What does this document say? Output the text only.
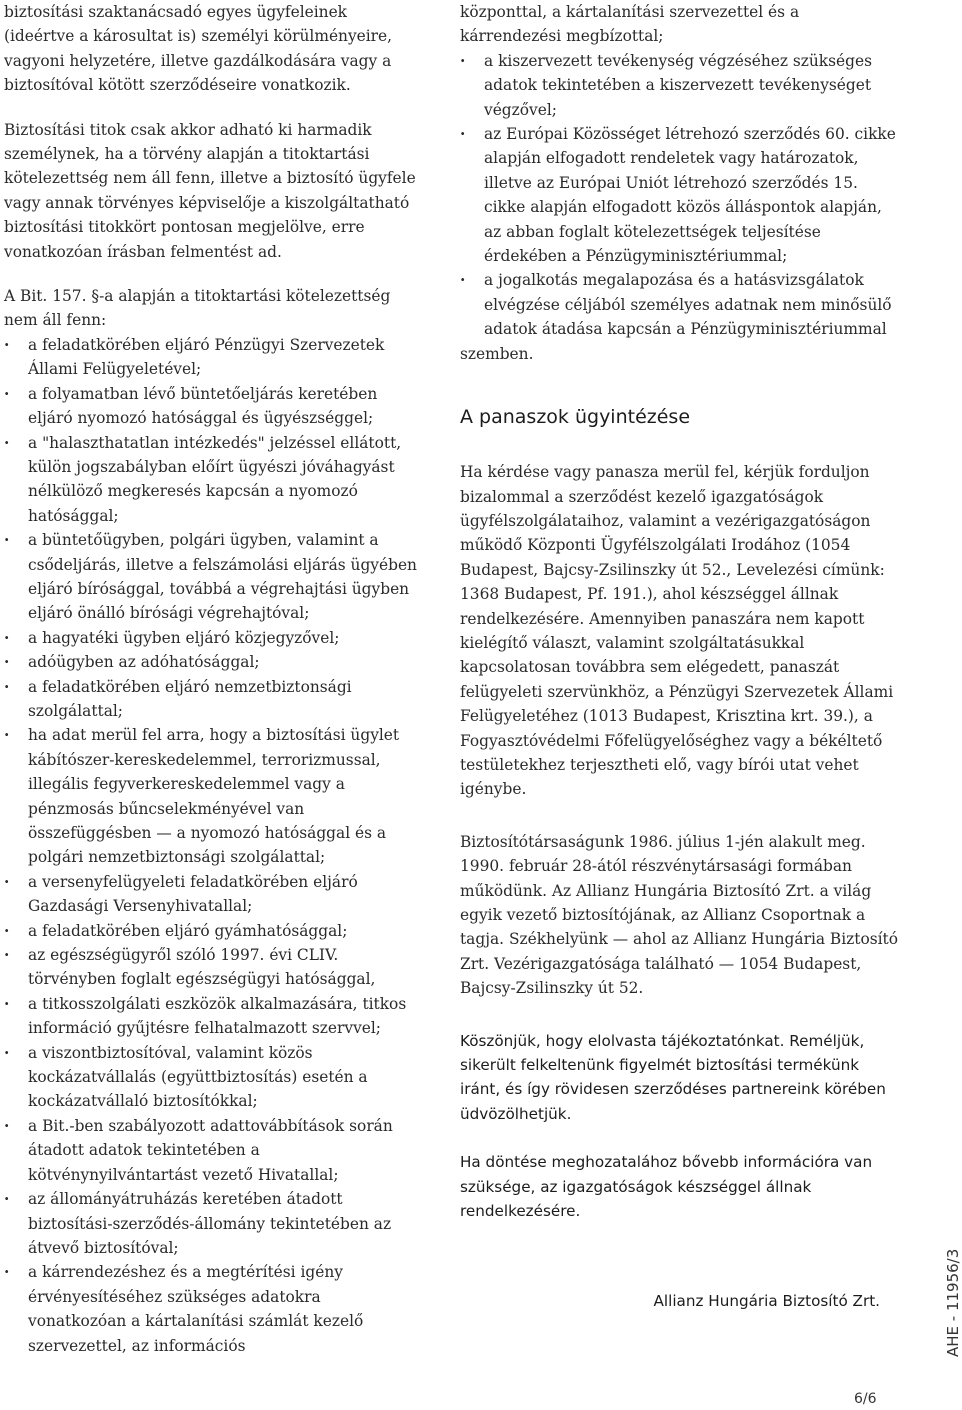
biztosítási szaktanácsadó egyes ügyfeleinek (ideértve a károsultat is) személyi körülményeire, vagyoni helyzetére, illetve gazdálkodására vagy a biztosítóval kötött szerződéseire vonatkozik.

Biztosítási titok csak akkor adható ki harmadik személynek, ha a törvény alapján a titoktartási kötelezettség nem áll fenn, illetve a biztosító ügyfele vagy annak törvényes képviselője a kiszolgáltatható biztosítási titokkört pontosan megjelölve, erre vonatkozóan írásban felmentést ad.

A Bit. 157. §-a alapján a titoktartási kötelezettség nem áll fenn:

·	a feladatkörében eljáró Pénzügyi Szervezetek Állami Felügyeletével;
·	a folyamatban lévő büntetőeljárás keretében eljáró nyomozó hatósággal és ügyészséggel;
·	a "halaszthatatlan intézkedés" jelzéssel ellátott, külön jogszabályban előírt ügyészi jóváhagyást nélkülöző megkeresés kapcsán a nyomozó hatósággal;
·	a büntetőügyben, polgári ügyben, valamint a csődeljárás, illetve a felszámolási eljárás ügyében eljáró bírósággal, továbbá a végrehajtási ügyben eljáró önálló bírósági végrehajtóval;
·	a hagyatéki ügyben eljáró közjegyzővel;
·	adóügyben az adóhatósággal;
·	a feladatkörében eljáró nemzetbiztonsági szolgálattal;
·	ha adat merül fel arra, hogy a biztosítási ügylet kábítószer-kereskedelemmel, terrorizmussal, illegális fegyverkereskedelemmel vagy a pénzmosás bűncselekményével van összefüggésben — a nyomozó hatósággal és a polgári nemzetbiztonsági szolgálattal;
·	a versenyfelügyeleti feladatkörében eljáró Gazdasági Versenyhivatallal;
·	a feladatkörében eljáró gyámhatósággal;
·	az egészségügyről szóló 1997. évi CLIV. törvényben foglalt egészségügyi hatósággal,
·	a titkosszolgálati eszközök alkalmazására, titkos információ gyűjtésre felhatalmazott szervvel;
·	a viszontbiztosítóval, valamint közös kockázatvállalás (együttbiztosítás) esetén a kockázatvállaló biztosítókkal;
·	a Bit.-ben szabályozott adattovábbítások során átadott adatok tekintetében a kötvénynyilvántartást vezető Hivatallal;
·	az állományátruházás keretében átadott biztosítási-szerződés-állomány tekintetében az átvevő biztosítóval;
·	a kárrendezéshez és a megtérítési igény érvényesítéséhez szükséges adatokra vonatkozóan a kártalanítási számlát kezelő szervezettel, az információs

központtal, a kártalanítási szervezettel és a kárrendezési megbízottal;

·	a kiszervezett tevékenység végzéséhez szükséges adatok tekintetében a kiszervezett tevékenységet végzővel;
·	az Európai Közösséget létrehozó szerződés 60. cikke alapján elfogadott rendeletek vagy határozatok, illetve az Európai Uniót létrehozó szerződés 15. cikke alapján elfogadott közös álláspontok alapján, az abban foglalt kötelezettségek teljesítése érdekében a Pénzügyminisztériummal;
·	a jogalkotás megalapozása és a hatásvizsgálatok elvégzése céljából személyes adatnak nem minősülő adatok átadása kapcsán a Pénzügyminisztériummal

szemben.

A panaszok ügyintézése

Ha kérdése vagy panasza merül fel, kérjük forduljon bizalommal a szerződést kezelő igazgatóságok ügyfélszolgálataihoz, valamint a vezérigazgatóságon működő Központi Ügyfélszolgálati Irodához (1054 Budapest, Bajcsy-Zsilinszky út 52., Levelezési címünk: 1368 Budapest, Pf. 191.), ahol készséggel állnak rendelkezésére. Amennyiben panaszára nem kapott kielégítő választ, valamint szolgáltatásukkal kapcsolatosan továbbra sem elégedett, panaszát felügyeleti szervünkhöz, a Pénzügyi Szervezetek Állami Felügyeletéhez (1013 Budapest, Krisztina krt. 39.), a Fogyasztóvédelmi Főfelügyelőséghez vagy a békéltető testületekhez terjesztheti elő, vagy bírói utat vehet igénybe.

Biztosítótársaságunk 1986. július 1-jén alakult meg. 1990. február 28-ától részvénytársasági formában működünk. Az Allianz Hungária Biztosító Zrt. a világ egyik vezető biztosítójának, az Allianz Csoportnak a tagja. Székhelyünk — ahol az Allianz Hungária Biztosító Zrt. Vezérigazgatósága található — 1054 Budapest, Bajcsy-Zsilinszky út 52.

Köszönjük, hogy elolvasta tájékoztatónkat. Reméljük, sikerült felkeltenünk figyelmét biztosítási termékünk iránt, és így rövidesen szerződéses partnereink körében üdvözölhetjük.

Ha döntése meghozatalához bővebb információra van szüksége, az igazgatóságok készséggel állnak rendelkezésére.

Allianz Hungária Biztosító Zrt.	AHE - 11956/3
6/6
